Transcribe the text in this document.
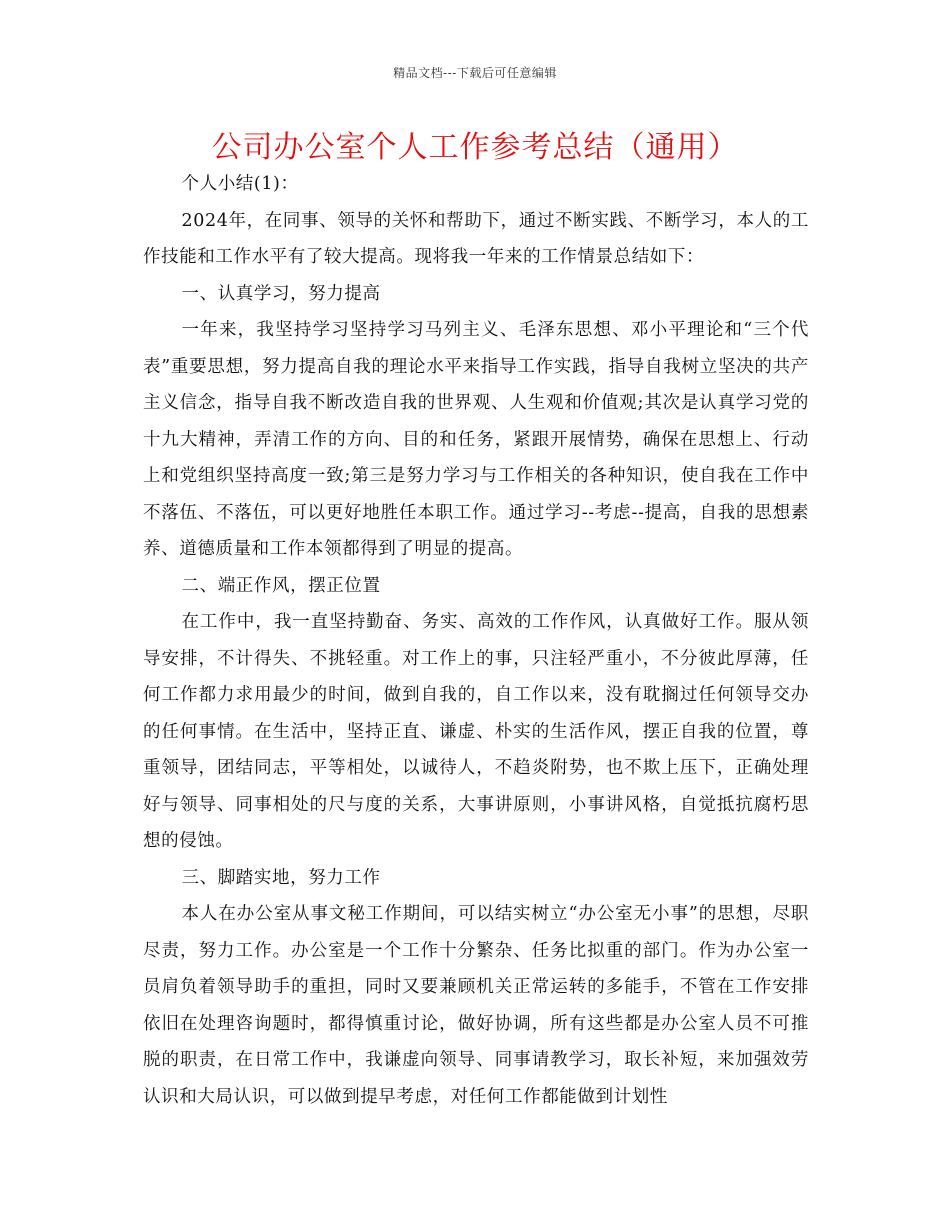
精品文档---下载后可任意编辑
公司办公室个人工作参考总结（通用）

个人小结(1)：

2024年，在同事、领导的关怀和帮助下，通过不断实践、不断学习，本人的工作技能和工作水平有了较大提高。现将我一年来的工作情景总结如下：

一、认真学习，努力提高

一年来，我坚持学习坚持学习马列主义、毛泽东思想、邓小平理论和“三个代表”重要思想，努力提高自我的理论水平来指导工作实践，指导自我树立坚决的共产主义信念，指导自我不断改造自我的世界观、人生观和价值观;其次是认真学习党的十九大精神，弄清工作的方向、目的和任务，紧跟开展情势，确保在思想上、行动上和党组织坚持高度一致;第三是努力学习与工作相关的各种知识，使自我在工作中不落伍、不落伍，可以更好地胜任本职工作。通过学习--考虑--提高，自我的思想素养、道德质量和工作本领都得到了明显的提高。

二、端正作风，摆正位置

在工作中，我一直坚持勤奋、务实、高效的工作作风，认真做好工作。服从领导安排，不计得失、不挑轻重。对工作上的事，只注轻严重小，不分彼此厚薄，任何工作都力求用最少的时间，做到自我的，自工作以来，没有耽搁过任何领导交办的任何事情。在生活中，坚持正直、谦虚、朴实的生活作风，摆正自我的位置，尊重领导，团结同志，平等相处，以诚待人，不趋炎附势，也不欺上压下，正确处理好与领导、同事相处的尺与度的关系，大事讲原则，小事讲风格，自觉抵抗腐朽思想的侵蚀。

三、脚踏实地，努力工作

本人在办公室从事文秘工作期间，可以结实树立“办公室无小事”的思想，尽职尽责，努力工作。办公室是一个工作十分繁杂、任务比拟重的部门。作为办公室一员肩负着领导助手的重担，同时又要兼顾机关正常运转的多能手，不管在工作安排依旧在处理咨询题时，都得慎重讨论，做好协调，所有这些都是办公室人员不可推脱的职责，在日常工作中，我谦虚向领导、同事请教学习，取长补短，来加强效劳认识和大局认识，可以做到提早考虑，对任何工作都能做到计划性
